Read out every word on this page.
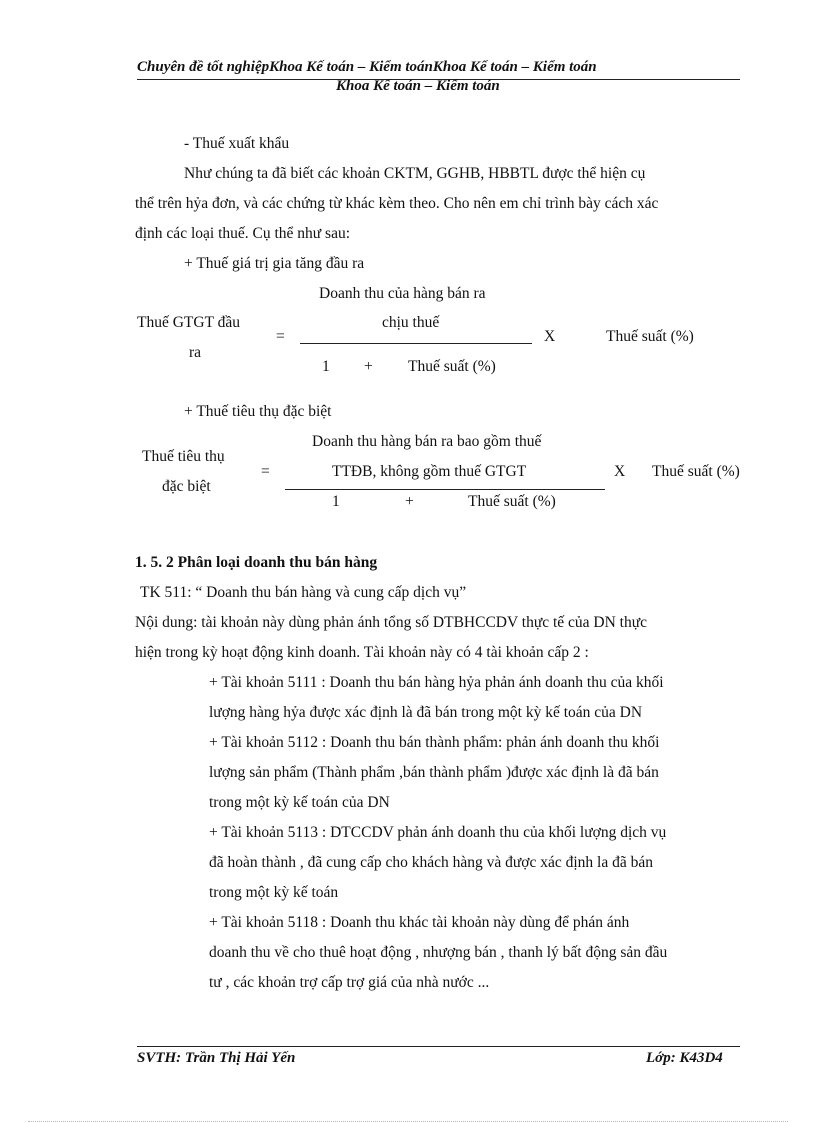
Chuyên đề tốt nghiệpKhoa Kế toán – Kiểm toánKhoa Kế toán – Kiểm toán
Khoa Kế toán – Kiểm toán
- Thuế xuất khẩu
Như chúng ta đã biết các khoản CKTM, GGHB, HBBTL được thể hiện cụ
thể trên hỷa đơn, và các chứng từ khác kèm theo. Cho nên em chỉ trình bày cách xác
định các loại thuế. Cụ thể như sau:
+ Thuế giá trị gia tăng đầu ra
Doanh thu của hàng bán ra
Thuế GTGT đầu	chịu thuế
=	X	Thuế suất (%)
ra
1 + Thuế suất (%)
+ Thuế tiêu thụ đặc biệt
Doanh thu hàng bán ra bao gồm thuế
Thuế tiêu thụ
TTĐB, không gồm thuế GTGT
=	X Thuế suất (%)
đặc biệt
1	+	Thuế suất (%)
1. 5. 2 Phân loại doanh thu bán hàng
TK 511: “ Doanh thu bán hàng và cung cấp dịch vụ”
Nội dung: tài khoản này dùng phản ánh tổng số DTBHCCDV thực tế của DN thực
hiện trong kỳ hoạt động kinh doanh. Tài khoản này có 4 tài khoản cấp 2 :
+ Tài khoản 5111 : Doanh thu bán hàng hỷa phản ánh doanh thu của khối
lượng hàng hỷa được xác định là đã bán trong một kỳ kế toán của DN
+ Tài khoản 5112 : Doanh thu bán thành phẩm: phản ánh doanh thu khối
lượng sản phẩm (Thành phẩm ,bán thành phẩm )được xác định là đã bán
trong một kỳ kế toán của DN
+ Tài khoản 5113 : DTCCDV phản ánh doanh thu của khối lượng dịch vụ
đã hoàn thành , đã cung cấp cho khách hàng và được xác định la đã bán
trong một kỳ kế toán
+ Tài khoản 5118 : Doanh thu khác tài khoản này dùng để phán ánh
doanh thu về cho thuê hoạt động , nhượng bán , thanh lý bất động sản đầu
tư , các khoản trợ cấp trợ giá của nhà nước ...
SVTH: Trần Thị Hải Yến	Lớp: K43D4
